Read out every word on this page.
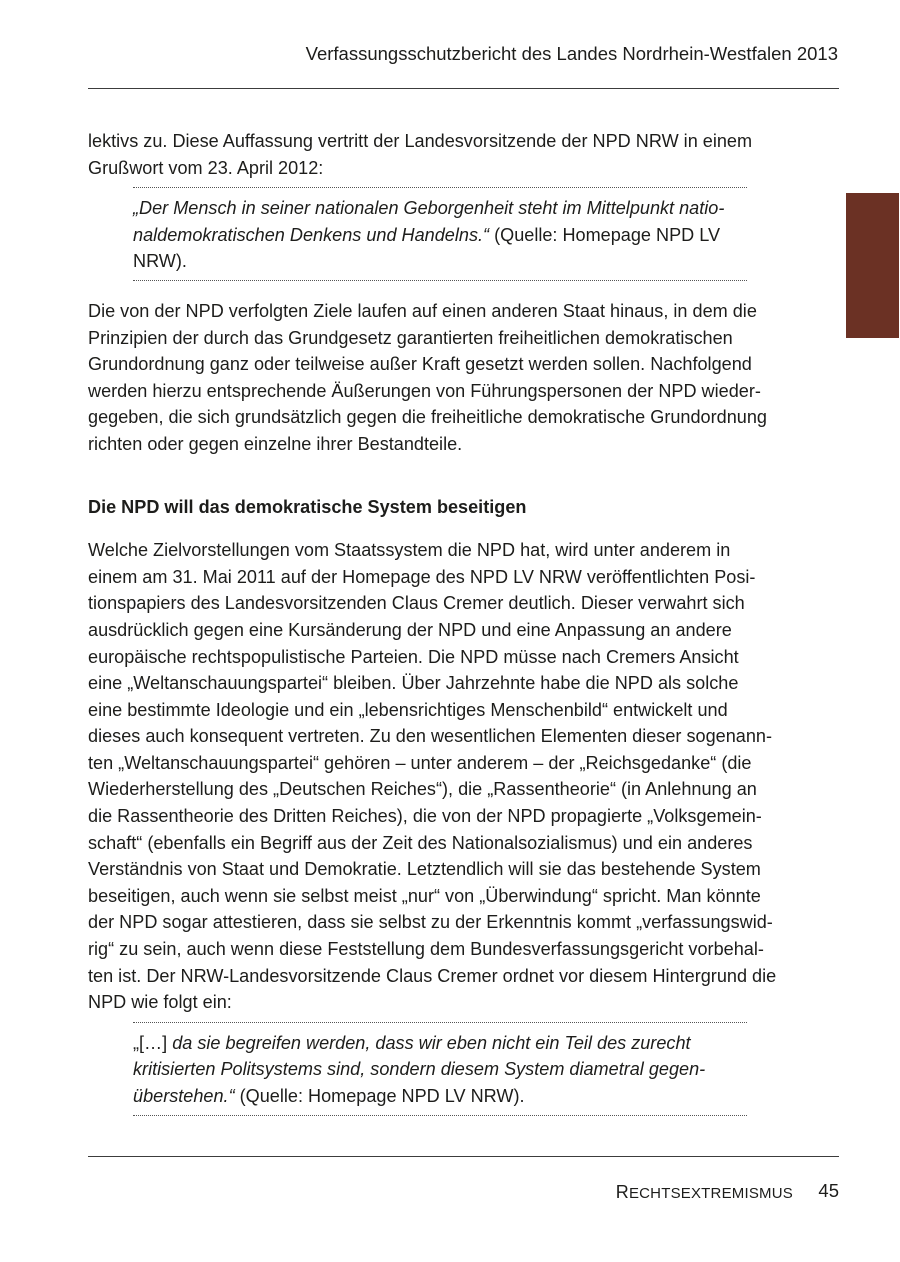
Verfassungsschutzbericht des Landes Nordrhein-Westfalen 2013

lektivs zu. Diese Auffassung vertritt der Landesvorsitzende der NPD NRW in einem

Grußwort vom 23. April 2012:

„Der Mensch in seiner nationalen Geborgenheit steht im Mittelpunkt natio-
naldemokratischen Denkens und Handelns.“ (Quelle: Homepage NPD LV
NRW).

Die von der NPD verfolgten Ziele laufen auf einen anderen Staat hinaus, in dem die

Prinzipien der durch das Grundgesetz garantierten freiheitlichen demokratischen

Grundordnung ganz oder teilweise außer Kraft gesetzt werden sollen. Nachfolgend

werden hierzu entsprechende Äußerungen von Führungspersonen der NPD wieder-

gegeben, die sich grundsätzlich gegen die freiheitliche demokratische Grundordnung

richten oder gegen einzelne ihrer Bestandteile.

Die NPD will das demokratische System beseitigen

Welche Zielvorstellungen vom Staatssystem die NPD hat, wird unter anderem in

einem am 31. Mai 2011 auf der Homepage des NPD LV NRW veröffentlichten Posi-

tionspapiers des Landesvorsitzenden Claus Cremer deutlich. Dieser verwahrt sich

ausdrücklich gegen eine Kursänderung der NPD und eine Anpassung an andere

europäische rechtspopulistische Parteien. Die NPD müsse nach Cremers Ansicht

eine „Weltanschauungspartei“ bleiben. Über Jahrzehnte habe die NPD als solche

eine bestimmte Ideologie und ein „lebensrichtiges Menschenbild“ entwickelt und

dieses auch konsequent vertreten. Zu den wesentlichen Elementen dieser sogenann-

ten „Weltanschauungspartei“ gehören – unter anderem – der „Reichsgedanke“ (die

Wiederherstellung des „Deutschen Reiches“), die „Rassentheorie“ (in Anlehnung an

die Rassentheorie des Dritten Reiches), die von der NPD propagierte „Volksgemein-

schaft“ (ebenfalls ein Begriff aus der Zeit des Nationalsozialismus) und ein anderes

Verständnis von Staat und Demokratie. Letztendlich will sie das bestehende System

beseitigen, auch wenn sie selbst meist „nur“ von „Überwindung“ spricht. Man könnte

der NPD sogar attestieren, dass sie selbst zu der Erkenntnis kommt „verfassungswid-

rig“ zu sein, auch wenn diese Feststellung dem Bundesverfassungsgericht vorbehal-

ten ist. Der NRW-Landesvorsitzende Claus Cremer ordnet vor diesem Hintergrund die

NPD wie folgt ein:

„[…] da sie begreifen werden, dass wir eben nicht ein Teil des zurecht
kritisierten Politsystems sind, sondern diesem System diametral gegen-
überstehen.“ (Quelle: Homepage NPD LV NRW).
RECHTSEXTREMISMUS 45
